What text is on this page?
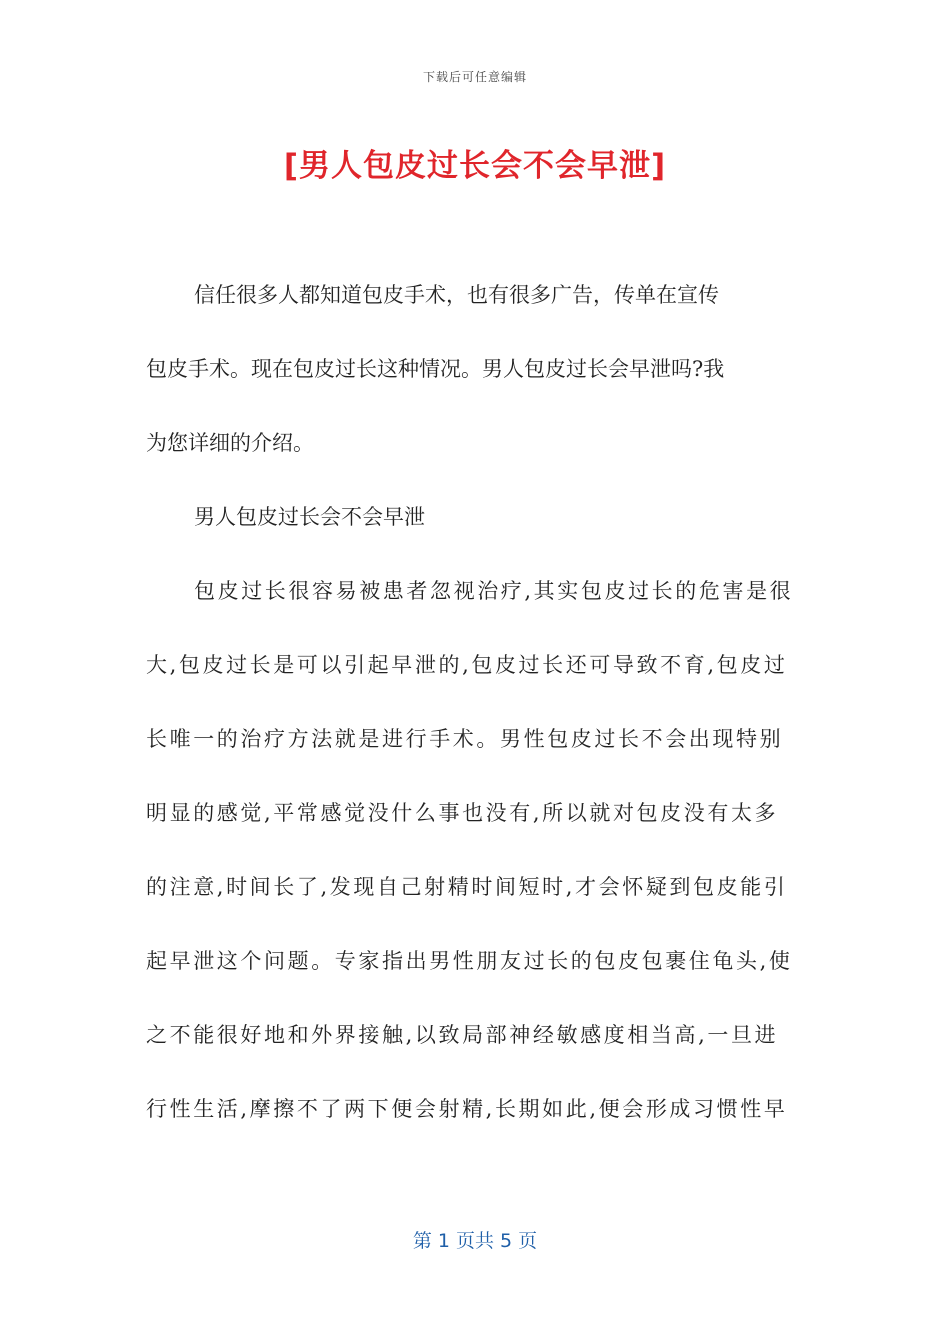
下载后可任意编辑
[男人包皮过长会不会早泄]
信任很多人都知道包皮手术，也有很多广告，传单在宣传
包皮手术。现在包皮过长这种情况。男人包皮过长会早泄吗?我
为您详细的介绍。
男人包皮过长会不会早泄
包皮过长很容易被患者忽视治疗,其实包皮过长的危害是很
大,包皮过长是可以引起早泄的,包皮过长还可导致不育,包皮过
长唯一的治疗方法就是进行手术。男性包皮过长不会出现特别
明显的感觉,平常感觉没什么事也没有,所以就对包皮没有太多
的注意,时间长了,发现自己射精时间短时,才会怀疑到包皮能引
起早泄这个问题。专家指出男性朋友过长的包皮包裹住龟头,使
之不能很好地和外界接触,以致局部神经敏感度相当高,一旦进
行性生活,摩擦不了两下便会射精,长期如此,便会形成习惯性早
第 1 页共 5 页
